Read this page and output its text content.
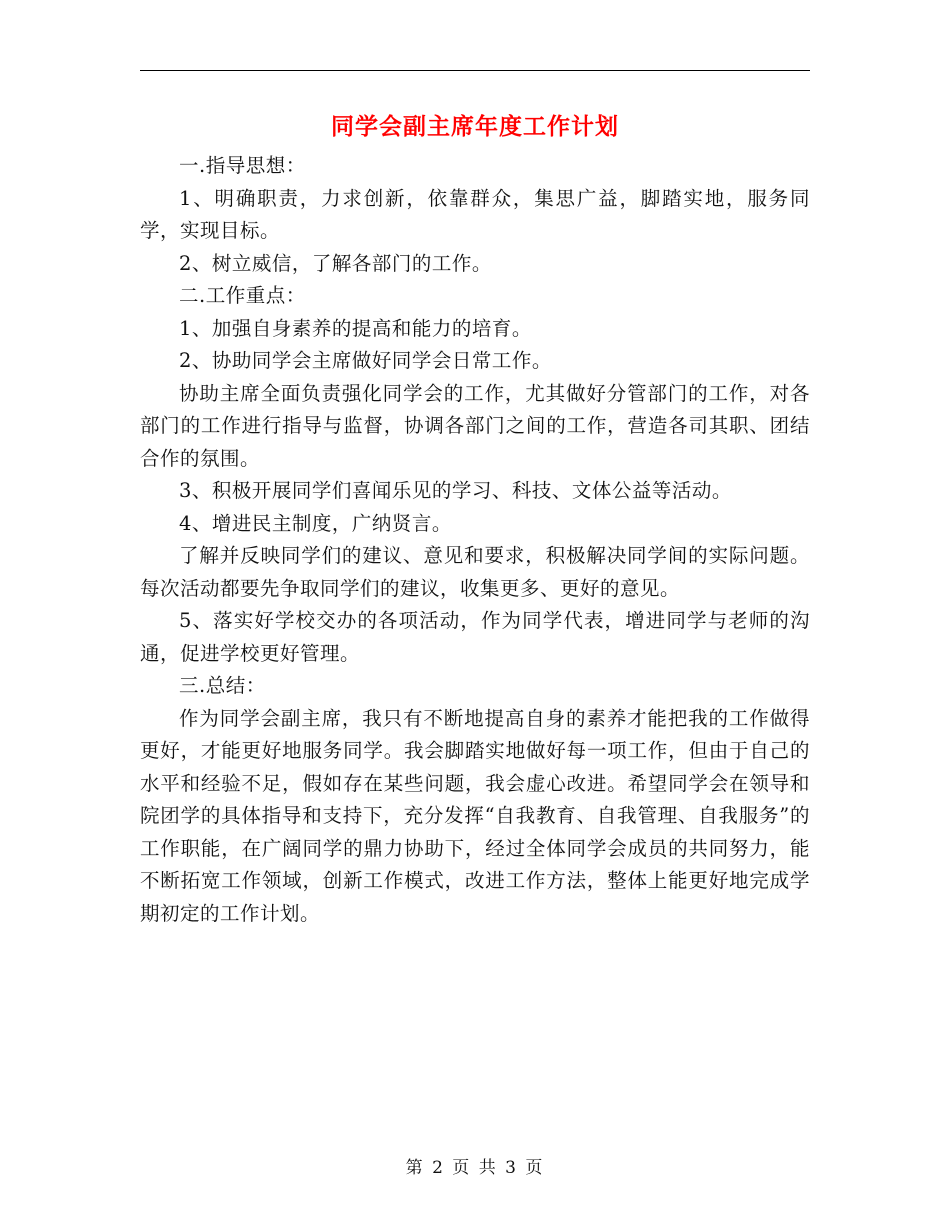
同学会副主席年度工作计划

一.指导思想：

1、明确职责，力求创新，依靠群众，集思广益，脚踏实地，服务同学，实现目标。

2、树立威信，了解各部门的工作。

二.工作重点：

1、加强自身素养的提高和能力的培育。

2、协助同学会主席做好同学会日常工作。

协助主席全面负责强化同学会的工作，尤其做好分管部门的工作，对各部门的工作进行指导与监督，协调各部门之间的工作，营造各司其职、团结合作的氛围。

3、积极开展同学们喜闻乐见的学习、科技、文体公益等活动。

4、增进民主制度，广纳贤言。

了解并反映同学们的建议、意见和要求，积极解决同学间的实际问题。每次活动都要先争取同学们的建议，收集更多、更好的意见。

5、落实好学校交办的各项活动，作为同学代表，增进同学与老师的沟通，促进学校更好管理。

三.总结：

作为同学会副主席，我只有不断地提高自身的素养才能把我的工作做得更好，才能更好地服务同学。我会脚踏实地做好每一项工作，但由于自己的水平和经验不足，假如存在某些问题，我会虚心改进。希望同学会在领导和院团学的具体指导和支持下，充分发挥“自我教育、自我管理、自我服务”的工作职能，在广阔同学的鼎力协助下，经过全体同学会成员的共同努力，能不断拓宽工作领域，创新工作模式，改进工作方法，整体上能更好地完成学期初定的工作计划。

第 2 页 共 3 页
